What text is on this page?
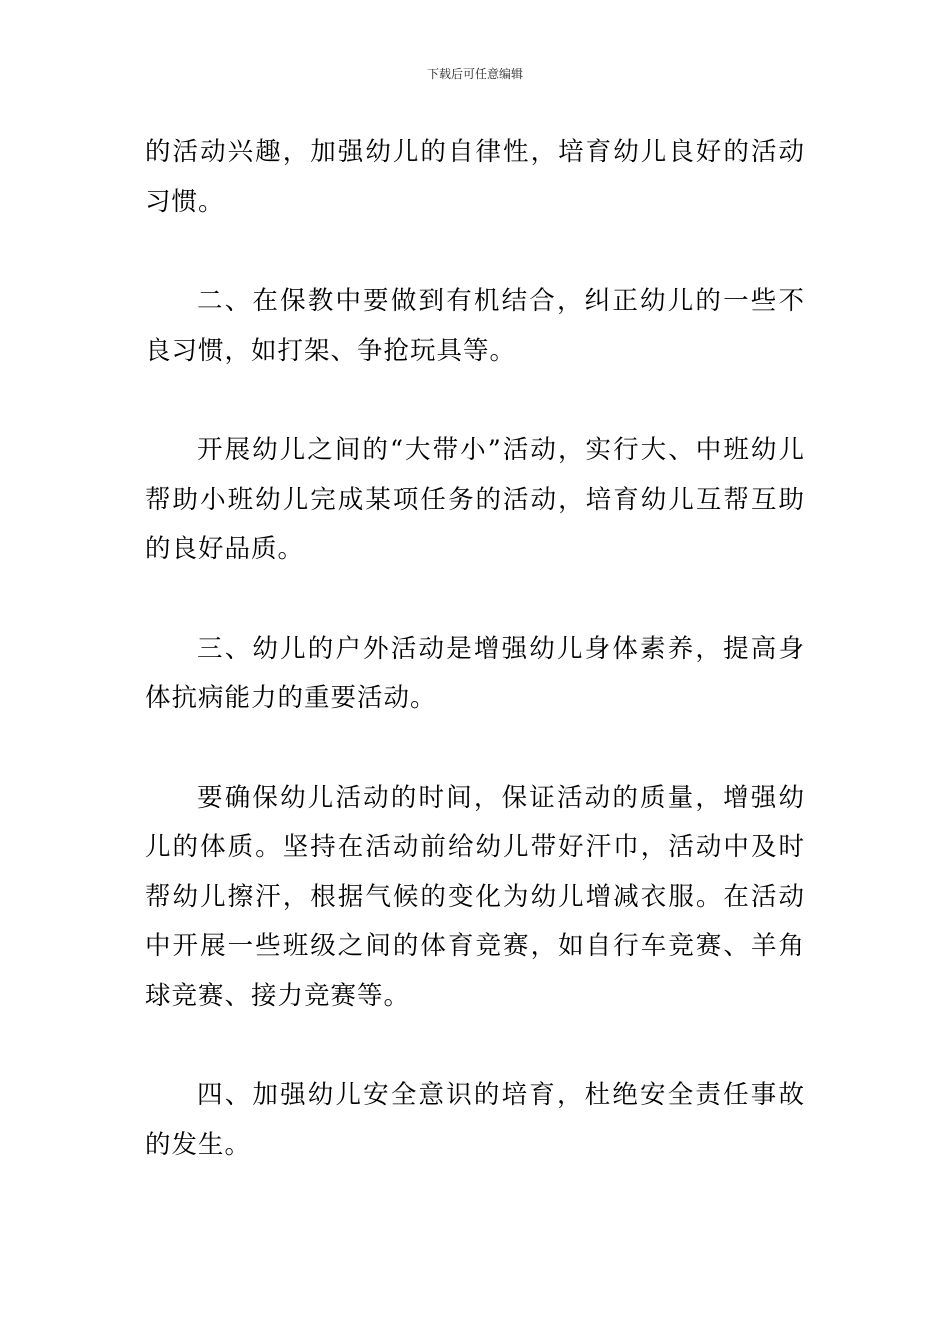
下载后可任意编辑

的活动兴趣，加强幼儿的自律性，培育幼儿良好的活动习惯。

二、在保教中要做到有机结合，纠正幼儿的一些不良习惯，如打架、争抢玩具等。

开展幼儿之间的“大带小”活动，实行大、中班幼儿帮助小班幼儿完成某项任务的活动，培育幼儿互帮互助的良好品质。

三、幼儿的户外活动是增强幼儿身体素养，提高身体抗病能力的重要活动。

要确保幼儿活动的时间，保证活动的质量，增强幼儿的体质。坚持在活动前给幼儿带好汗巾，活动中及时帮幼儿擦汗，根据气候的变化为幼儿增减衣服。在活动中开展一些班级之间的体育竞赛，如自行车竞赛、羊角球竞赛、接力竞赛等。

四、加强幼儿安全意识的培育，杜绝安全责任事故的发生。
